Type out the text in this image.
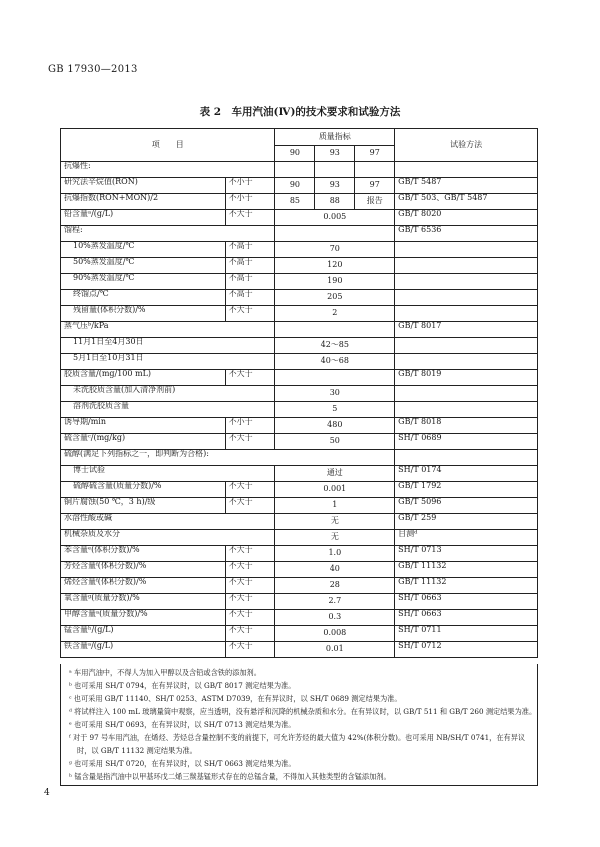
GB 17930—2013
表 2　车用汽油(Ⅳ)的技术要求和试验方法
项　　目		质量指标			试验方法
		90	93	97	
抗爆性:					
研究法辛烷值(RON)	不小于	90	93	97	GB/T 5487
抗爆指数(RON+MON)/2	不小于	85	88	报告	GB/T 503、GB/T 5487
铅含量ᵃ/(g/L)	不大于	0.005			GB/T 8020
馏程:					GB/T 6536
10%蒸发温度/℃	不高于	70			
50%蒸发温度/℃	不高于	120			
90%蒸发温度/℃	不高于	190			
终馏点/℃	不高于	205			
残留量(体积分数)/%	不大于	2			
蒸气压ᵇ/kPa					GB/T 8017
11月1日至4月30日		42～85			
5月1日至10月31日		40～68			
胶质含量/(mg/100 mL)	不大于				GB/T 8019
未洗胶质含量(加入清净剂前)		30			
溶剂洗胶质含量		5			
诱导期/min	不小于	480			GB/T 8018
硫含量ᶜ/(mg/kg)	不大于	50			SH/T 0689
硫醇(满足下列指标之一，即判断为合格):					
博士试验		通过			SH/T 0174
硫醇硫含量(质量分数)/%	不大于	0.001			GB/T 1792
铜片腐蚀(50 ℃，3 h)/级	不大于	1			GB/T 5096
水溶性酸或碱		无			GB/T 259
机械杂质及水分		无			目测ᵈ
苯含量ᵉ(体积分数)/%	不大于	1.0			SH/T 0713
芳烃含量ᶠ(体积分数)/%	不大于	40			GB/T 11132
烯烃含量ᶠ(体积分数)/%	不大于	28			GB/T 11132
氧含量ᵍ(质量分数)/%	不大于	2.7			SH/T 0663
甲醇含量ᵃ(质量分数)/%	不大于	0.3			SH/T 0663
锰含量ʰ/(g/L)	不大于	0.008			SH/T 0711
铁含量ᵃ/(g/L)	不大于	0.01			SH/T 0712
ᵃ 车用汽油中，不得人为加入甲醇以及含铅或含铁的添加剂。
ᵇ 也可采用 SH/T 0794，在有异议时，以 GB/T 8017 测定结果为准。
ᶜ 也可采用 GB/T 11140、SH/T 0253、ASTM D7039，在有异议时，以 SH/T 0689 测定结果为准。
ᵈ 将试样注入 100 mL 玻璃量筒中观察，应当透明，没有悬浮和沉降的机械杂质和水分。在有异议时，以 GB/T 511 和 GB/T 260 测定结果为准。
ᵉ 也可采用 SH/T 0693，在有异议时，以 SH/T 0713 测定结果为准。
ᶠ 对于 97 号车用汽油，在烯烃、芳烃总含量控制不变的前提下，可允许芳烃的最大值为 42%(体积分数)。也可采用 NB/SH/T 0741，在有异议时，以 GB/T 11132 测定结果为准。
ᵍ 也可采用 SH/T 0720，在有异议时，以 SH/T 0663 测定结果为准。
ʰ 锰含量是指汽油中以甲基环戊二烯三羰基锰形式存在的总锰含量，不得加入其他类型的含锰添加剂。
4
